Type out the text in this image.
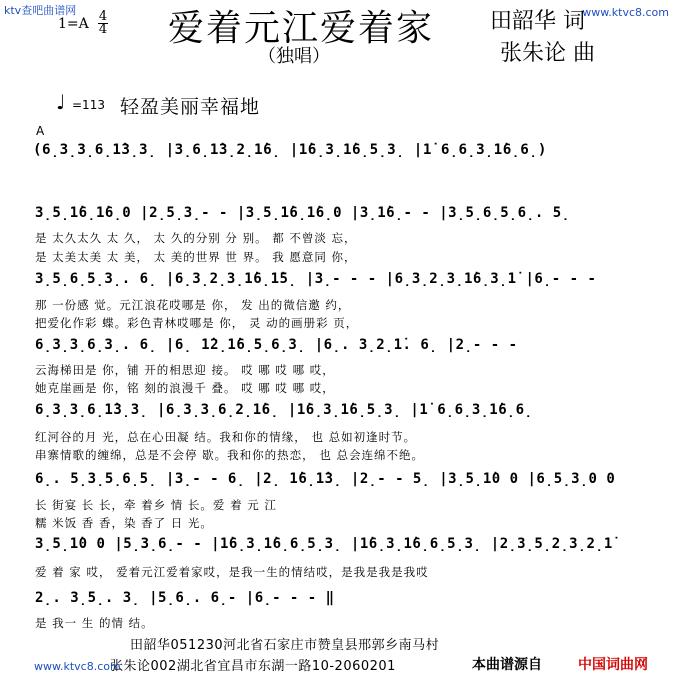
ktv查吧曲谱网	www.ktvc8.com
1=A 4
4 爱着元江爱着家
（独唱）
田韶华 词
张朱论 曲
♩ =113 轻盈美丽幸福地
A
(6̣3̣3̣6̣1̇3̣3̣ |3̣6̣1̇3̣2̣1̇6̣ |1̇6̣3̣1̇6̣5̣3̣ |1̇ 6̣6̣3̣1̇6̣6̣)
3̣5̣1̇6̣1̇6̣0 |2̣5̣3̣- - |3̣5̣1̇6̣1̇6̣0 |3̣1̇6̣- - |3̣5̣6̣5̣6̣. 5̣
是 太久太久 太 久， 太 久的分别 分 别。 都 不曾淡 忘，
是 太美太美 太 美， 太 美的世界 世 界。 我 愿意同 你，
3̣5̣6̣5̣3̣. 6̣ |6̣3̣2̣3̣1̇6̣1̇5̣ |3̣- - - |6̣3̣2̣3̣1̇6̣3̣1̇ |6̣- - -
那 一份感 觉。元江浪花哎哪是 你， 发 出的微信邀 约，
把爱化作彩 蝶。彩色青林哎哪是 你， 灵 动的画册彩 页，
6̣3̣3̣6̣3̣. 6̣ |6̣ 1̇2̣1̇6̣5̣6̣3̣ |6̣. 3̣2̣1̇. 6̣ |2̣- - -
云海梯田是 你，铺 开的相思迎 接。 哎 哪 哎 哪 哎，
她克崖画是 你，铭 刻的浪漫千 叠。 哎 哪 哎 哪 哎，
6̣3̣3̣6̣1̇3̣3̣ |6̣3̣3̣6̣2̣1̇6̣ |1̇6̣3̣1̇6̣5̣3̣ |1̇ 6̣6̣3̣1̇6̣6̣
红河谷的月 光，总在心田凝 结。我和你的情缘， 也 总如初逢时节。
串寨情歌的缠绵，总是不会停 歇。我和你的热恋， 也 总会连绵不绝。
6̣. 5̣3̣5̣6̣5̣ |3̣- - 6̣ |2̣ 1̇6̣1̇3̣ |2̣- - 5̣ |3̣5̣1̇0 0 |6̣5̣3̣0 0
长 街宴 长 长，牵 着乡 情 长。爱 着 元 江
糯 米饭 香 香，染 香了 日 光。
3̣5̣1̇0 0 |5̣3̣6̣- - |1̇6̣3̣1̇6̣6̣5̣3̣ |1̇6̣3̣1̇6̣6̣5̣3̣ |2̣3̣5̣2̣3̣2̣1̇
爱 着 家 哎， 爱着元江爱着家哎，是我一生的情结哎，是我是我是我哎
2̣. 3̣5̣. 3̣ |5̣6̣. 6̣- |6̣- - - ‖
是 我一 生 的情 结。
田韶华051230河北省石家庄市赞皇县邢郭乡南马村
张朱论002湖北省宜昌市东湖一路10-2060201
www.ktvc8.com	本曲谱源自	中国词曲网
